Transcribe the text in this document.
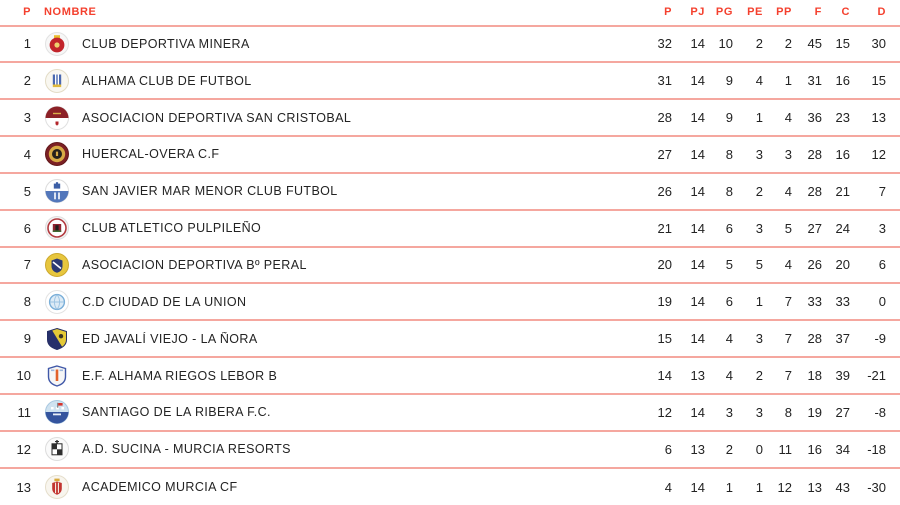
P NOMBRE	P	PJ PG	PE	PP	F	C	D
1	CLUB DEPORTIVA MINERA	32	14	10	2	2	45	15	30
2	ALHAMA CLUB DE FUTBOL	31	14	9	4	1	31	16	15
3	ASOCIACION DEPORTIVA SAN CRISTOBAL	28	14	9	1	4	36	23	13
4	HUERCAL-OVERA C.F	27	14	8	3	3	28	16	12
5	SAN JAVIER MAR MENOR CLUB FUTBOL	26	14	8	2	4	28	21	7
6	CLUB ATLETICO PULPILEÑO	21	14	6	3	5	27	24	3
7	ASOCIACION DEPORTIVA Bº PERAL	20	14	5	5	4	26	20	6
8	C.D CIUDAD DE LA UNION	19	14	6	1	7	33	33	0
9	ED JAVALÍ VIEJO - LA ÑORA	15	14	4	3	7	28	37	-9
10	E.F. ALHAMA RIEGOS LEBOR B	14	13	4	2	7	18	39	-21
11	SANTIAGO DE LA RIBERA F.C.	12	14	3	3	8	19	27	-8
12	A.D. SUCINA - MURCIA RESORTS	6	13	2	0	11	16	34	-18
13	ACADEMICO MURCIA CF	4	14	1	1	12	13	43	-30
